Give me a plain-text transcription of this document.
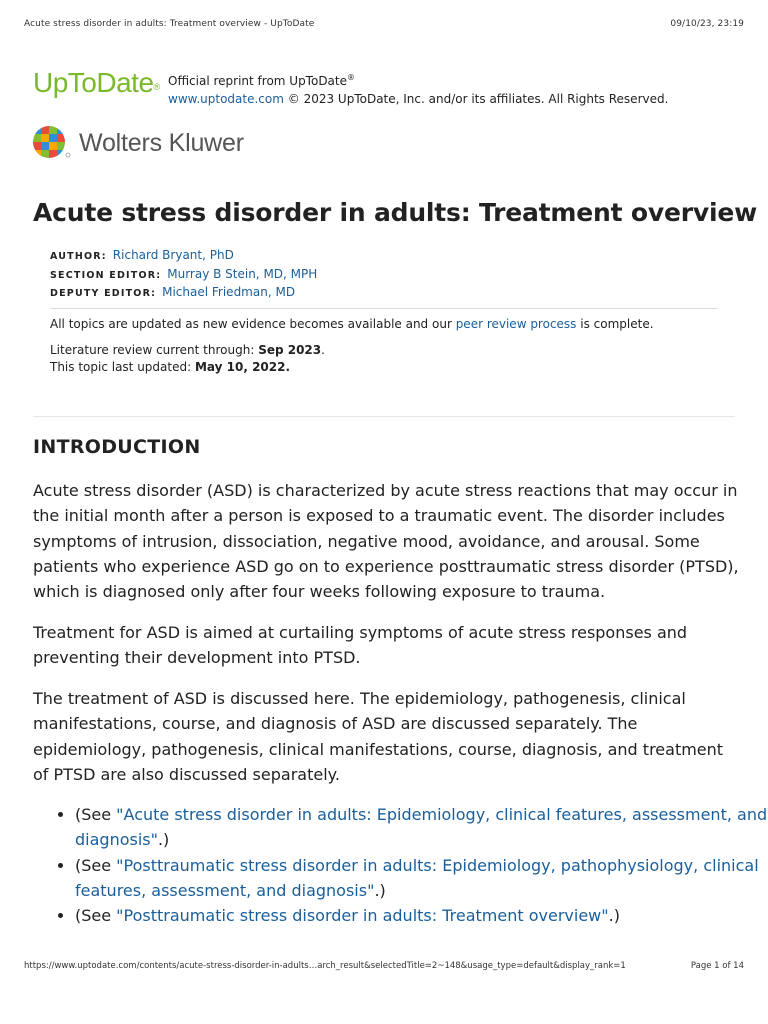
Acute stress disorder in adults: Treatment overview - UpToDate	09/10/23, 23:19
UpToDate® Official reprint from UpToDate®
www.uptodate.com © 2023 UpToDate, Inc. and/or its affiliates. All Rights Reserved.
Wolters Kluwer
Acute stress disorder in adults: Treatment overview
AUTHOR: Richard Bryant, PhD
SECTION EDITOR: Murray B Stein, MD, MPH
DEPUTY EDITOR: Michael Friedman, MD
All topics are updated as new evidence becomes available and our peer review process is complete.
Literature review current through: Sep 2023.
This topic last updated: May 10, 2022.
INTRODUCTION

Acute stress disorder (ASD) is characterized by acute stress reactions that may occur in the initial month after a person is exposed to a traumatic event. The disorder includes symptoms of intrusion, dissociation, negative mood, avoidance, and arousal. Some patients who experience ASD go on to experience posttraumatic stress disorder (PTSD), which is diagnosed only after four weeks following exposure to trauma.

Treatment for ASD is aimed at curtailing symptoms of acute stress responses and preventing their development into PTSD.

The treatment of ASD is discussed here. The epidemiology, pathogenesis, clinical manifestations, course, and diagnosis of ASD are discussed separately. The epidemiology, pathogenesis, clinical manifestations, course, diagnosis, and treatment of PTSD are also discussed separately.

• (See "Acute stress disorder in adults: Epidemiology, clinical features, assessment, and diagnosis".)
• (See "Posttraumatic stress disorder in adults: Epidemiology, pathophysiology, clinical features, assessment, and diagnosis".)
• (See "Posttraumatic stress disorder in adults: Treatment overview".)
https://www.uptodate.com/contents/acute-stress-disorder-in-adults…arch_result&selectedTitle=2~148&usage_type=default&display_rank=1	Page 1 of 14
